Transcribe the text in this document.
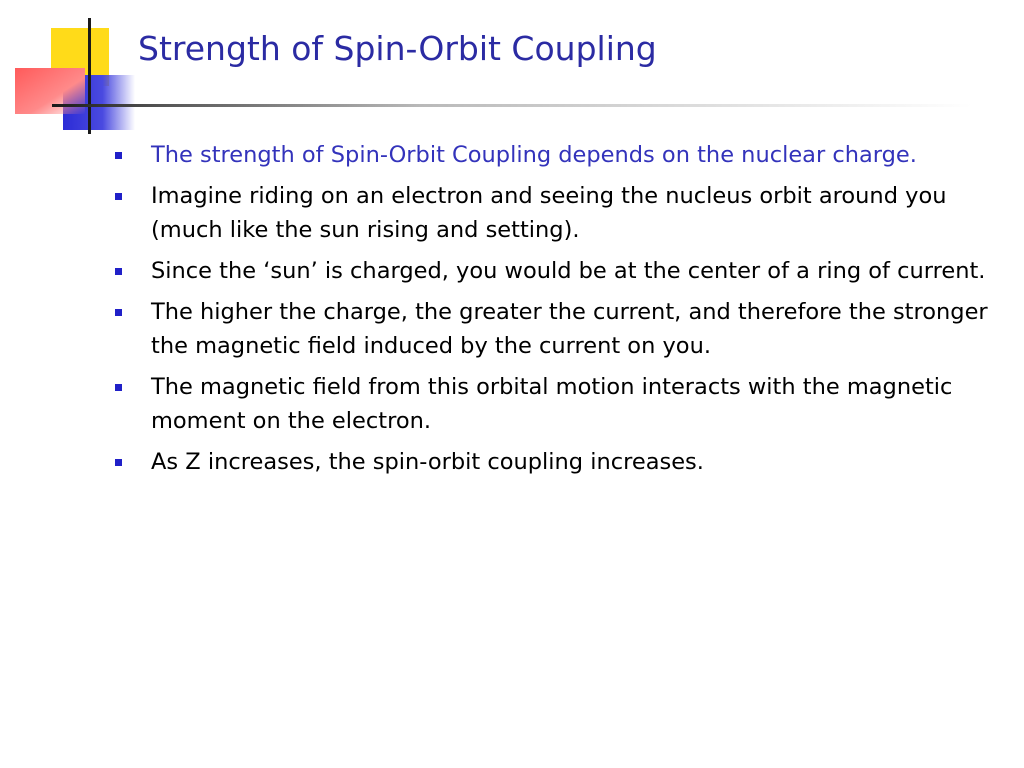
Strength of Spin-Orbit Coupling
The strength of Spin-Orbit Coupling depends on the nuclear charge.
Imagine riding on an electron and seeing the nucleus orbit around you (much like the sun rising and setting).
Since the ‘sun’ is charged, you would be at the center of a ring of current.
The higher the charge, the greater the current, and therefore the stronger the magnetic field induced by the current on you.
The magnetic field from this orbital motion interacts with the magnetic moment on the electron.
As Z increases, the spin-orbit coupling increases.
